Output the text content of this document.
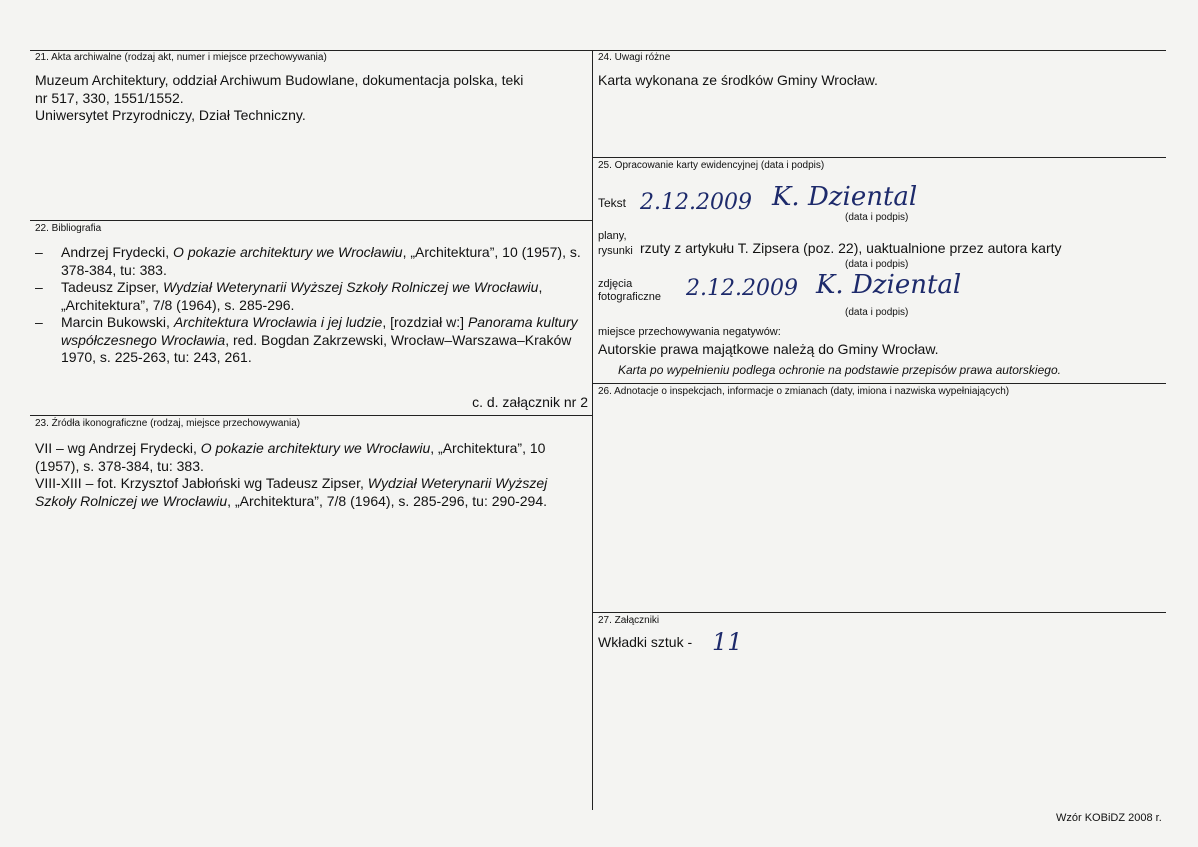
21. Akta archiwalne (rodzaj akt, numer i miejsce przechowywania)
Muzeum Architektury, oddział Archiwum Budowlane, dokumentacja polska, teki
nr 517, 330, 1551/1552.
Uniwersytet Przyrodniczy, Dział Techniczny.
22. Bibliografia
– Andrzej Frydecki, O pokazie architektury we Wrocławiu, „Architektura”, 10 (1957), s. 378-384, tu: 383.
– Tadeusz Zipser, Wydział Weterynarii Wyższej Szkoły Rolniczej we Wrocławiu, „Architektura”, 7/8 (1964), s. 285-296.
– Marcin Bukowski, Architektura Wrocławia i jej ludzie, [rozdział w:] Panorama kultury współczesnego Wrocławia, red. Bogdan Zakrzewski, Wrocław–Warszawa–Kraków 1970, s. 225-263, tu: 243, 261.
c. d. załącznik nr 2
23. Źródła ikonograficzne (rodzaj, miejsce przechowywania)
VII – wg Andrzej Frydecki, O pokazie architektury we Wrocławiu, „Architektura”, 10 (1957), s. 378-384, tu: 383.
VIII-XIII – fot. Krzysztof Jabłoński wg Tadeusz Zipser, Wydział Weterynarii Wyższej Szkoły Rolniczej we Wrocławiu, „Architektura”, 7/8 (1964), s. 285-296, tu: 290-294.
24. Uwagi różne
Karta wykonana ze środków Gminy Wrocław.
25. Opracowanie karty ewidencyjnej (data i podpis)
Tekst 2.12.2009 K. Dziental
(data i podpis)
plany,
rysunki rzuty z artykułu T. Zipsera (poz. 22), uaktualnione przez autora karty
(data i podpis)
zdjęcia
fotograficzne 2.12.2009 K. Dziental
(data i podpis)
miejsce przechowywania negatywów:
Autorskie prawa majątkowe należą do Gminy Wrocław.
Karta po wypełnieniu podlega ochronie na podstawie przepisów prawa autorskiego.
26. Adnotacje o inspekcjach, informacje o zmianach (daty, imiona i nazwiska wypełniających)
27. Załączniki
Wkładki sztuk - 11
Wzór KOBiDZ 2008 r.
